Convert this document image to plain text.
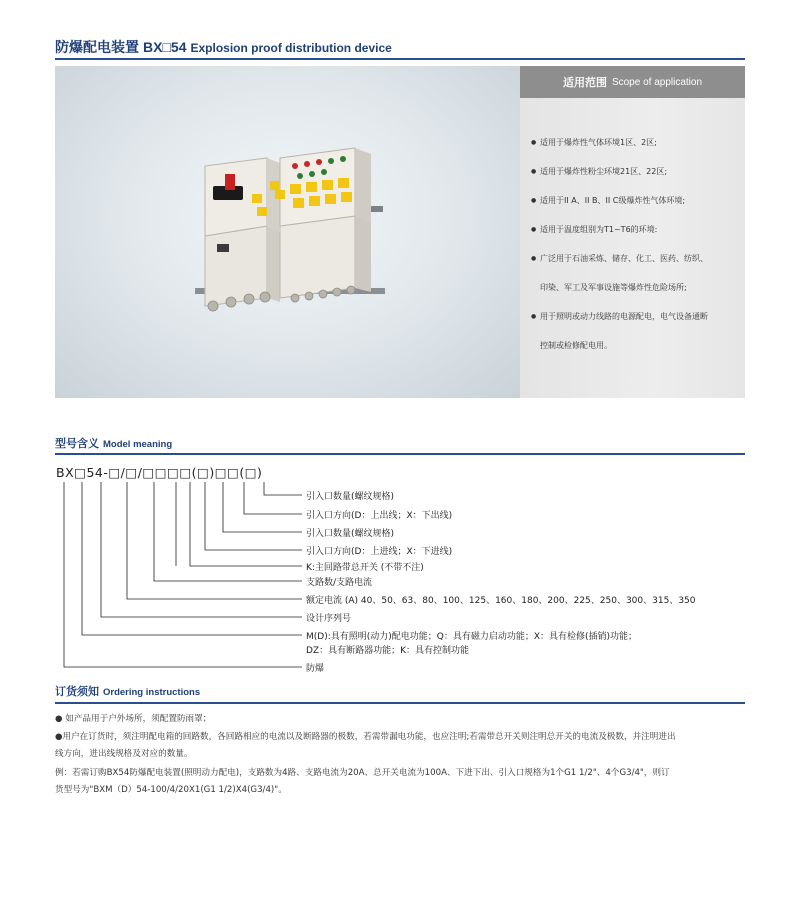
防爆配电装置 BX□54 Explosion proof distribution device
适用范围 Scope of application
● 适用于爆炸性气体环境1区、2区;
● 适用于爆炸性粉尘环境21区、22区;
● 适用于II A、II B、II C级爆炸性气体环境;
● 适用于温度组别为T1~T6的环境:
● 广泛用于石油采炼、储存、化工、医药、纺织、
印染、军工及军事设施等爆炸性危险场所;
● 用于照明或动力线路的电源配电，电气设备通断
控制或检修配电用。
型号含义 Model meaning
BX□54-□/□/□□□□(□)□□(□)
引入口数量(螺纹规格)
引入口方向(D：上出线；X：下出线)
引入口数量(螺纹规格)
引入口方向(D：上进线；X：下进线)
K:主回路带总开关 (不带不注)
支路数/支路电流
额定电流 (A) 40、50、63、80、100、125、160、180、200、225、250、300、315、350
设计序列号
M(D):具有照明(动力)配电功能；Q：具有磁力启动功能；X：具有检修(插销)功能；
DZ：具有断路器功能；K：具有控制功能
防爆
订货须知 Ordering instructions
● 如产品用于户外场所，须配置防雨罩；
●用户在订货时，须注明配电箱的回路数，各回路相应的电流以及断路器的极数，若需带漏电功能，也应注明;若需带总开关则注明总开关的电流及极数，并注明进出
线方向，进出线规格及对应的数量。
例：若需订购BX54防爆配电装置(照明动力配电)，支路数为4路、支路电流为20A、总开关电流为100A、下进下出、引入口规格为1个G1 1/2"、4个G3/4"，则订
货型号为"BXM（D）54-100/4/20X1(G1 1/2)X4(G3/4)"。
